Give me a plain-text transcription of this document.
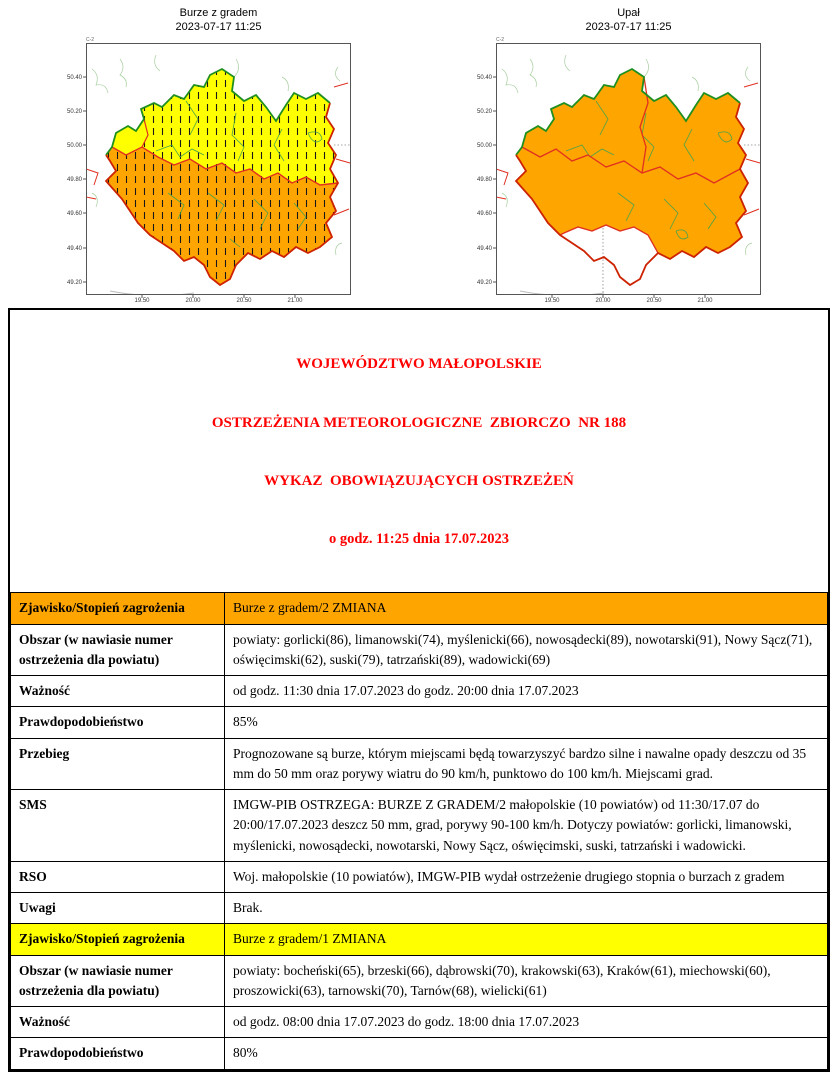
Burze z gradem
2023-07-17 11:25
C-2
50.40
50.20
50.00
49.80
49.60
49.40
49.20
19.50	20.00	20.50	21.00
Upał
2023-07-17 11:25
C-2
50.40
50.20
50.00
49.80
49.60
49.40
49.20
19.50	20.00	20.50	21.00

WOJEWÓDZTWO MAŁOPOLSKIE

OSTRZEŻENIA METEOROLOGICZNE  ZBIORCZO  NR 188

WYKAZ  OBOWIĄZUJĄCYCH OSTRZEŻEŃ

o godz. 11:25 dnia 17.07.2023

Zjawisko/Stopień zagrożenia	Burze z gradem/2 ZMIANA
Obszar (w nawiasie numer ostrzeżenia dla powiatu)	powiaty: gorlicki(86), limanowski(74), myślenicki(66), nowosądecki(89), nowotarski(91), Nowy Sącz(71), oświęcimski(62), suski(79), tatrzański(89), wadowicki(69)
Ważność	od godz. 11:30 dnia 17.07.2023 do godz. 20:00 dnia 17.07.2023
Prawdopodobieństwo	85%
Przebieg	Prognozowane są burze, którym miejscami będą towarzyszyć bardzo silne i nawalne opady deszczu od 35 mm do 50 mm oraz porywy wiatru do 90 km/h, punktowo do 100 km/h. Miejscami grad.
SMS	IMGW-PIB OSTRZEGA: BURZE Z GRADEM/2 małopolskie (10 powiatów) od 11:30/17.07 do 20:00/17.07.2023 deszcz 50 mm, grad, porywy 90-100 km/h. Dotyczy powiatów: gorlicki, limanowski, myślenicki, nowosądecki, nowotarski, Nowy Sącz, oświęcimski, suski, tatrzański i wadowicki.
RSO	Woj. małopolskie (10 powiatów), IMGW-PIB wydał ostrzeżenie drugiego stopnia o burzach z gradem
Uwagi	Brak.
Zjawisko/Stopień zagrożenia	Burze z gradem/1 ZMIANA
Obszar (w nawiasie numer ostrzeżenia dla powiatu)	powiaty: bocheński(65), brzeski(66), dąbrowski(70), krakowski(63), Kraków(61), miechowski(60), proszowicki(63), tarnowski(70), Tarnów(68), wielicki(61)
Ważność	od godz. 08:00 dnia 17.07.2023 do godz. 18:00 dnia 17.07.2023
Prawdopodobieństwo	80%
